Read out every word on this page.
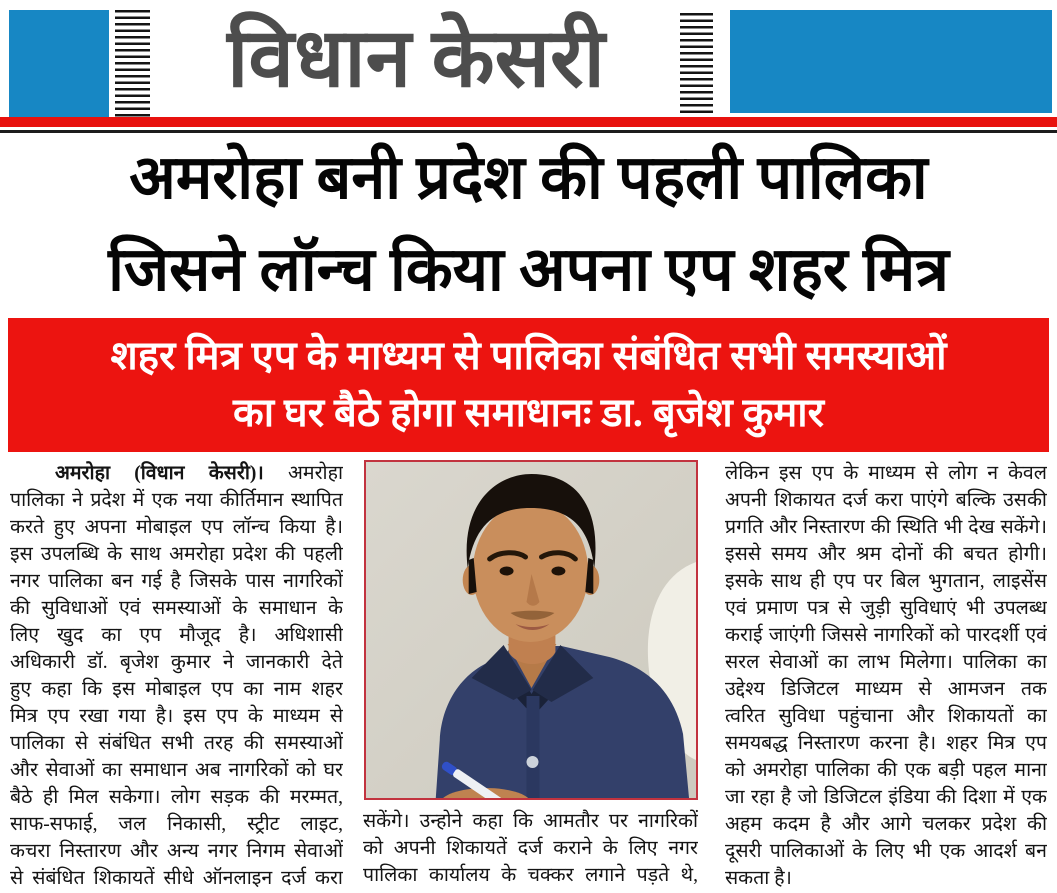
विधान केसरी
अमरोहा बनी प्रदेश की पहली पालिका
जिसने लॉन्च किया अपना एप शहर मित्र
शहर मित्र एप के माध्यम से पालिका संबंधित सभी समस्याओं
का घर बैठे होगा समाधानः डा. बृजेश कुमार
अमरोहा (विधान केसरी)। अमरोहा
पालिका ने प्रदेश में एक नया कीर्तिमान स्थापित
करते हुए अपना मोबाइल एप लॉन्च किया है।
इस उपलब्धि के साथ अमरोहा प्रदेश की पहली
नगर पालिका बन गई है जिसके पास नागरिकों
की सुविधाओं एवं समस्याओं के समाधान के
लिए खुद का एप मौजूद है। अधिशासी
अधिकारी डॉ. बृजेश कुमार ने जानकारी देते
हुए कहा कि इस मोबाइल एप का नाम शहर
मित्र एप रखा गया है। इस एप के माध्यम से
पालिका से संबंधित सभी तरह की समस्याओं
और सेवाओं का समाधान अब नागरिकों को घर
बैठे ही मिल सकेगा। लोग सड़क की मरम्मत,
साफ-सफाई, जल निकासी, स्ट्रीट लाइट,
कचरा निस्तारण और अन्य नगर निगम सेवाओं
से संबंधित शिकायतें सीधे ऑनलाइन दर्ज करा
सकेंगे। उन्होने कहा कि आमतौर पर नागरिकों
को अपनी शिकायतें दर्ज कराने के लिए नगर
पालिका कार्यालय के चक्कर लगाने पड़ते थे,
लेकिन इस एप के माध्यम से लोग न केवल
अपनी शिकायत दर्ज करा पाएंगे बल्कि उसकी
प्रगति और निस्तारण की स्थिति भी देख सकेंगे।
इससे समय और श्रम दोनों की बचत होगी।
इसके साथ ही एप पर बिल भुगतान, लाइसेंस
एवं प्रमाण पत्र से जुड़ी सुविधाएं भी उपलब्ध
कराई जाएंगी जिससे नागरिकों को पारदर्शी एवं
सरल सेवाओं का लाभ मिलेगा। पालिका का
उद्देश्य डिजिटल माध्यम से आमजन तक
त्वरित सुविधा पहुंचाना और शिकायतों का
समयबद्ध निस्तारण करना है। शहर मित्र एप
को अमरोहा पालिका की एक बड़ी पहल माना
जा रहा है जो डिजिटल इंडिया की दिशा में एक
अहम कदम है और आगे चलकर प्रदेश की
दूसरी पालिकाओं के लिए भी एक आदर्श बन
सकता है।
